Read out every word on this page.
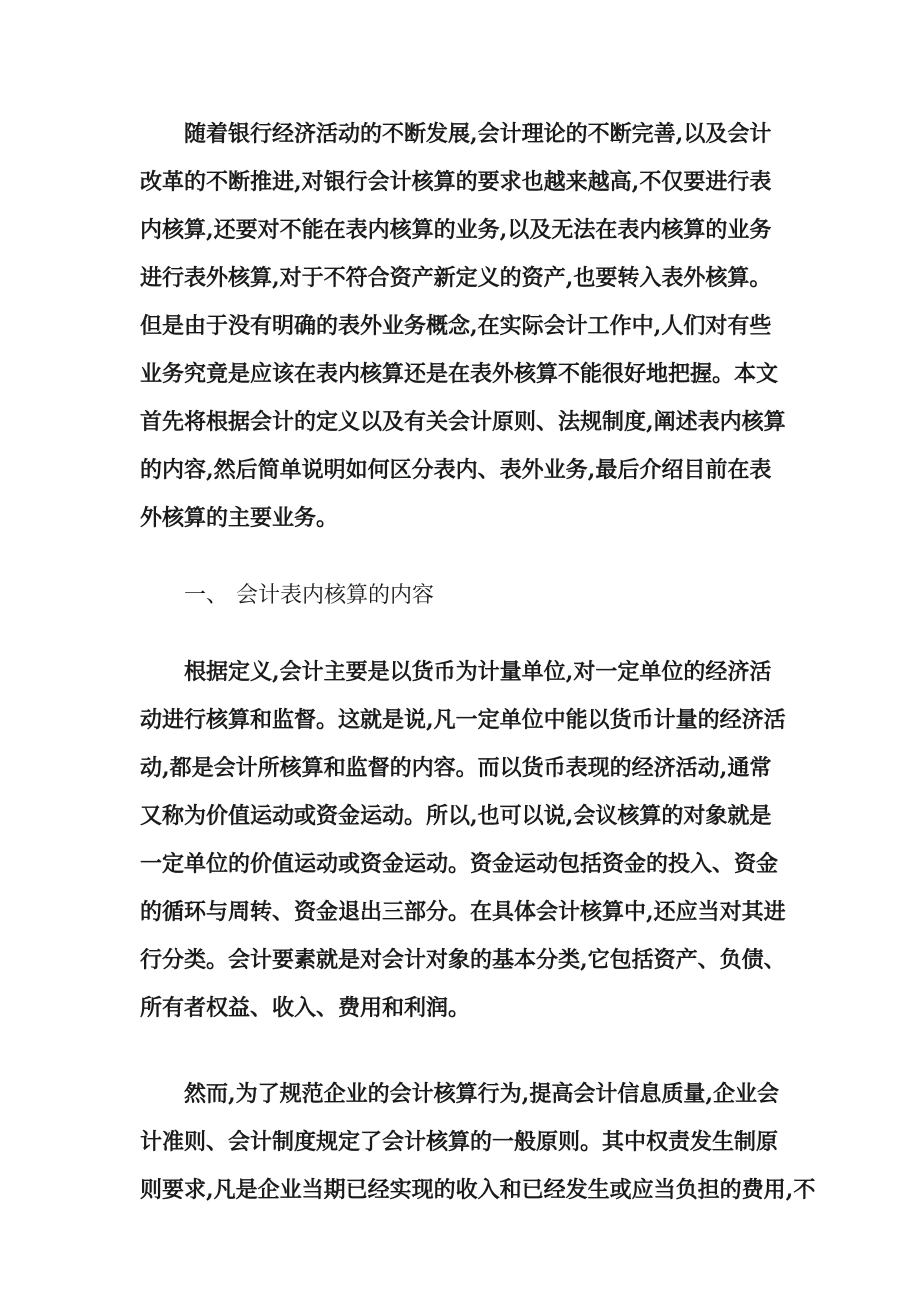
随着银行经济活动的不断发展,会计理论的不断完善,以及会计
改革的不断推进,对银行会计核算的要求也越来越高,不仅要进行表
内核算,还要对不能在表内核算的业务,以及无法在表内核算的业务
进行表外核算,对于不符合资产新定义的资产,也要转入表外核算。
但是由于没有明确的表外业务概念,在实际会计工作中,人们对有些
业务究竟是应该在表内核算还是在表外核算不能很好地把握。本文
首先将根据会计的定义以及有关会计原则、法规制度,阐述表内核算
的内容,然后简单说明如何区分表内、表外业务,最后介绍目前在表
外核算的主要业务。
一、 会计表内核算的内容
根据定义,会计主要是以货币为计量单位,对一定单位的经济活
动进行核算和监督。这就是说,凡一定单位中能以货币计量的经济活
动,都是会计所核算和监督的内容。而以货币表现的经济活动,通常
又称为价值运动或资金运动。所以,也可以说,会议核算的对象就是
一定单位的价值运动或资金运动。资金运动包括资金的投入、资金
的循环与周转、资金退出三部分。在具体会计核算中,还应当对其进
行分类。会计要素就是对会计对象的基本分类,它包括资产、负债、
所有者权益、收入、费用和利润。
然而,为了规范企业的会计核算行为,提高会计信息质量,企业会
计准则、会计制度规定了会计核算的一般原则。其中权责发生制原
则要求,凡是企业当期已经实现的收入和已经发生或应当负担的费用,不
